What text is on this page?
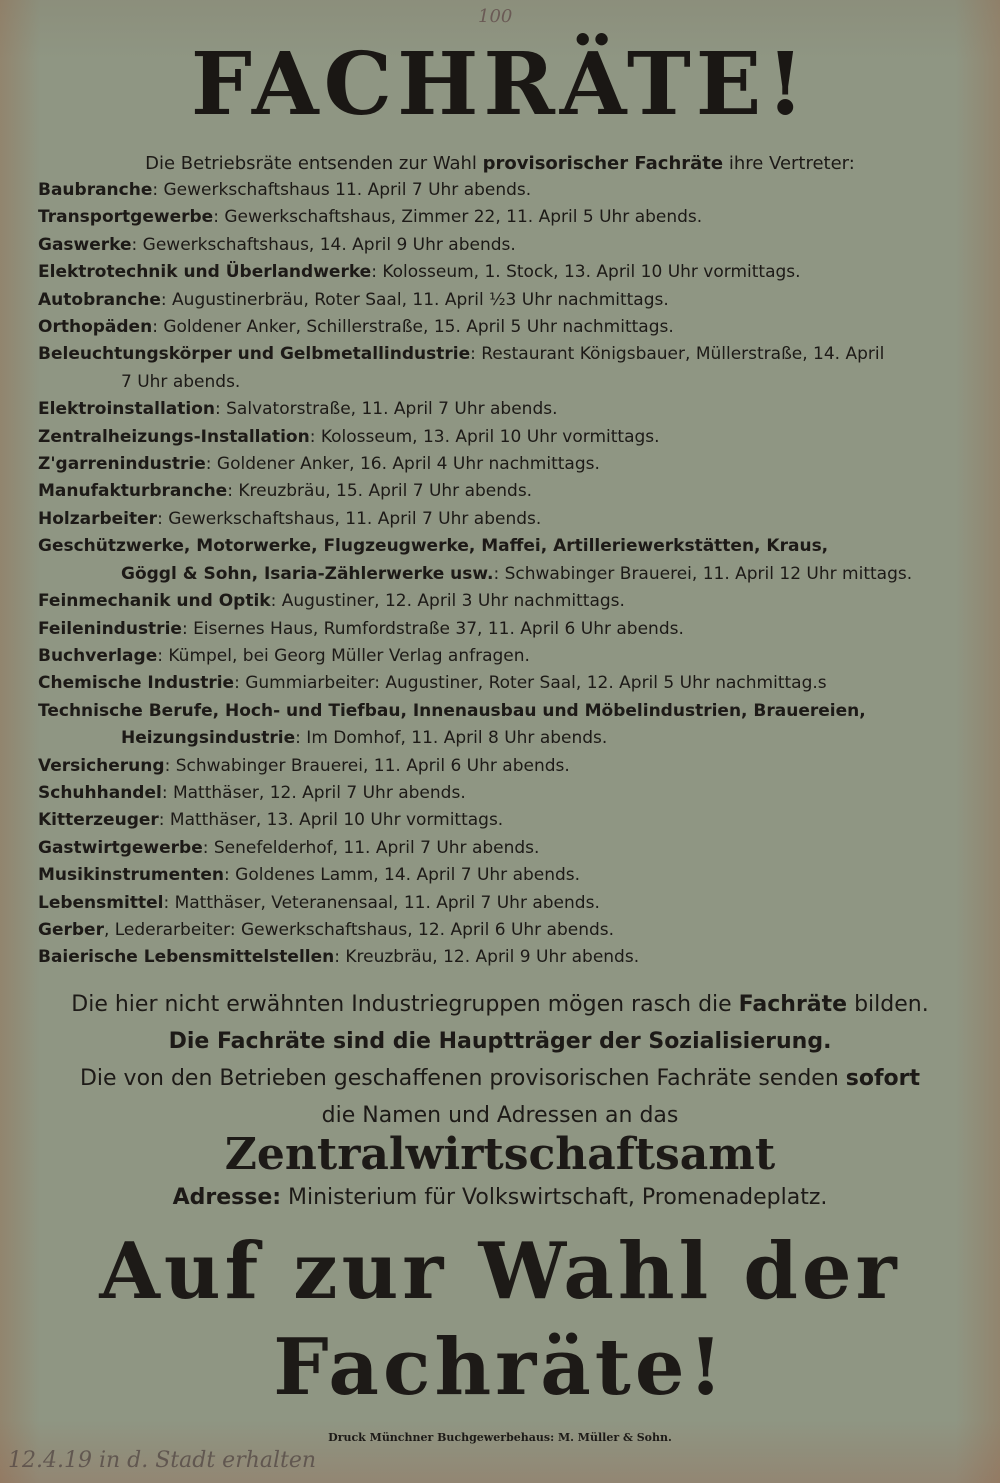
100
FACHRÄTE!
Die Betriebsräte entsenden zur Wahl provisorischer Fachräte ihre Vertreter:
Baubranche: Gewerkschaftshaus 11. April 7 Uhr abends.
Transportgewerbe: Gewerkschaftshaus, Zimmer 22, 11. April 5 Uhr abends.
Gaswerke: Gewerkschaftshaus, 14. April 9 Uhr abends.
Elektrotechnik und Überlandwerke: Kolosseum, 1. Stock, 13. April 10 Uhr vormittags.
Autobranche: Augustinerbräu, Roter Saal, 11. April ½3 Uhr nachmittags.
Orthopäden: Goldener Anker, Schillerstraße, 15. April 5 Uhr nachmittags.
Beleuchtungskörper und Gelbmetallindustrie: Restaurant Königsbauer, Müllerstraße, 14. April
7 Uhr abends.
Elektroinstallation: Salvatorstraße, 11. April 7 Uhr abends.
Zentralheizungs-Installation: Kolosseum, 13. April 10 Uhr vormittags.
Z'garrenindustrie: Goldener Anker, 16. April 4 Uhr nachmittags.
Manufakturbranche: Kreuzbräu, 15. April 7 Uhr abends.
Holzarbeiter: Gewerkschaftshaus, 11. April 7 Uhr abends.
Geschützwerke, Motorwerke, Flugzeugwerke, Maffei, Artilleriewerkstätten, Kraus,
Göggl & Sohn, Isaria-Zählerwerke usw.: Schwabinger Brauerei, 11. April 12 Uhr mittags.
Feinmechanik und Optik: Augustiner, 12. April 3 Uhr nachmittags.
Feilenindustrie: Eisernes Haus, Rumfordstraße 37, 11. April 6 Uhr abends.
Buchverlage: Kümpel, bei Georg Müller Verlag anfragen.
Chemische Industrie: Gummiarbeiter: Augustiner, Roter Saal, 12. April 5 Uhr nachmittag.s
Technische Berufe, Hoch- und Tiefbau, Innenausbau und Möbelindustrien, Brauereien,
Heizungsindustrie: Im Domhof, 11. April 8 Uhr abends.
Versicherung: Schwabinger Brauerei, 11. April 6 Uhr abends.
Schuhhandel: Matthäser, 12. April 7 Uhr abends.
Kitterzeuger: Matthäser, 13. April 10 Uhr vormittags.
Gastwirtgewerbe: Senefelderhof, 11. April 7 Uhr abends.
Musikinstrumenten: Goldenes Lamm, 14. April 7 Uhr abends.
Lebensmittel: Matthäser, Veteranensaal, 11. April 7 Uhr abends.
Gerber, Lederarbeiter: Gewerkschaftshaus, 12. April 6 Uhr abends.
Baierische Lebensmittelstellen: Kreuzbräu, 12. April 9 Uhr abends.
Die hier nicht erwähnten Industriegruppen mögen rasch die Fachräte bilden.
Die Fachräte sind die Hauptträger der Sozialisierung.
Die von den Betrieben geschaffenen provisorischen Fachräte senden sofort
die Namen und Adressen an das
Zentralwirtschaftsamt
Adresse: Ministerium für Volkswirtschaft, Promenadeplatz.
Auf zur Wahl der
Fachräte!
Druck Münchner Buchgewerbehaus: M. Müller & Sohn.
12.4.19 in d. Stadt erhalten
